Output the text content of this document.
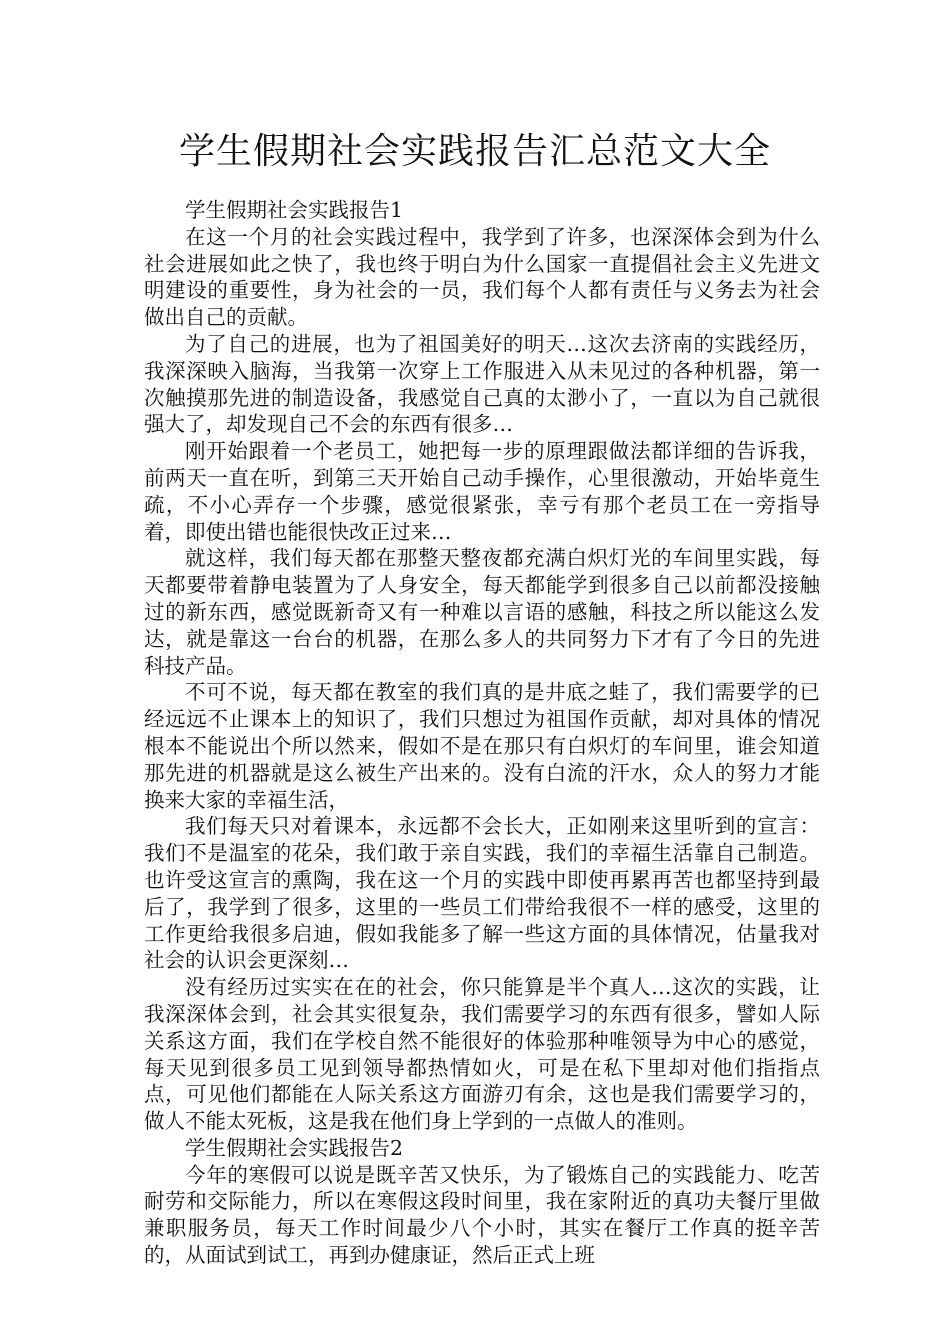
学生假期社会实践报告汇总范文大全

学生假期社会实践报告1

在这一个月的社会实践过程中，我学到了许多，也深深体会到为什么社会进展如此之快了，我也终于明白为什么国家一直提倡社会主义先进文明建设的重要性，身为社会的一员，我们每个人都有责任与义务去为社会做出自己的贡献。

为了自己的进展，也为了祖国美好的明天…这次去济南的实践经历，我深深映入脑海，当我第一次穿上工作服进入从未见过的各种机器，第一次触摸那先进的制造设备，我感觉自己真的太渺小了，一直以为自己就很强大了，却发现自己不会的东西有很多…

刚开始跟着一个老员工，她把每一步的原理跟做法都详细的告诉我，前两天一直在听，到第三天开始自己动手操作，心里很激动，开始毕竟生疏，不小心弄存一个步骤，感觉很紧张，幸亏有那个老员工在一旁指导着，即使出错也能很快改正过来…

就这样，我们每天都在那整天整夜都充满白炽灯光的车间里实践，每天都要带着静电装置为了人身安全，每天都能学到很多自己以前都没接触过的新东西，感觉既新奇又有一种难以言语的感触，科技之所以能这么发达，就是靠这一台台的机器，在那么多人的共同努力下才有了今日的先进科技产品。

不可不说，每天都在教室的我们真的是井底之蛙了，我们需要学的已经远远不止课本上的知识了，我们只想过为祖国作贡献，却对具体的情况根本不能说出个所以然来，假如不是在那只有白炽灯的车间里，谁会知道那先进的机器就是这么被生产出来的。没有白流的汗水，众人的努力才能换来大家的幸福生活，

我们每天只对着课本，永远都不会长大，正如刚来这里听到的宣言：我们不是温室的花朵，我们敢于亲自实践，我们的幸福生活靠自己制造。也许受这宣言的熏陶，我在这一个月的实践中即使再累再苦也都坚持到最后了，我学到了很多，这里的一些员工们带给我很不一样的感受，这里的工作更给我很多启迪，假如我能多了解一些这方面的具体情况，估量我对社会的认识会更深刻…

没有经历过实实在在的社会，你只能算是半个真人…这次的实践，让我深深体会到，社会其实很复杂，我们需要学习的东西有很多，譬如人际关系这方面，我们在学校自然不能很好的体验那种唯领导为中心的感觉，每天见到很多员工见到领导都热情如火，可是在私下里却对他们指指点点，可见他们都能在人际关系这方面游刃有余，这也是我们需要学习的，做人不能太死板，这是我在他们身上学到的一点做人的准则。

学生假期社会实践报告2

今年的寒假可以说是既辛苦又快乐，为了锻炼自己的实践能力、吃苦耐劳和交际能力，所以在寒假这段时间里，我在家附近的真功夫餐厅里做兼职服务员，每天工作时间最少八个小时，其实在餐厅工作真的挺辛苦的，从面试到试工，再到办健康证，然后正式上班
